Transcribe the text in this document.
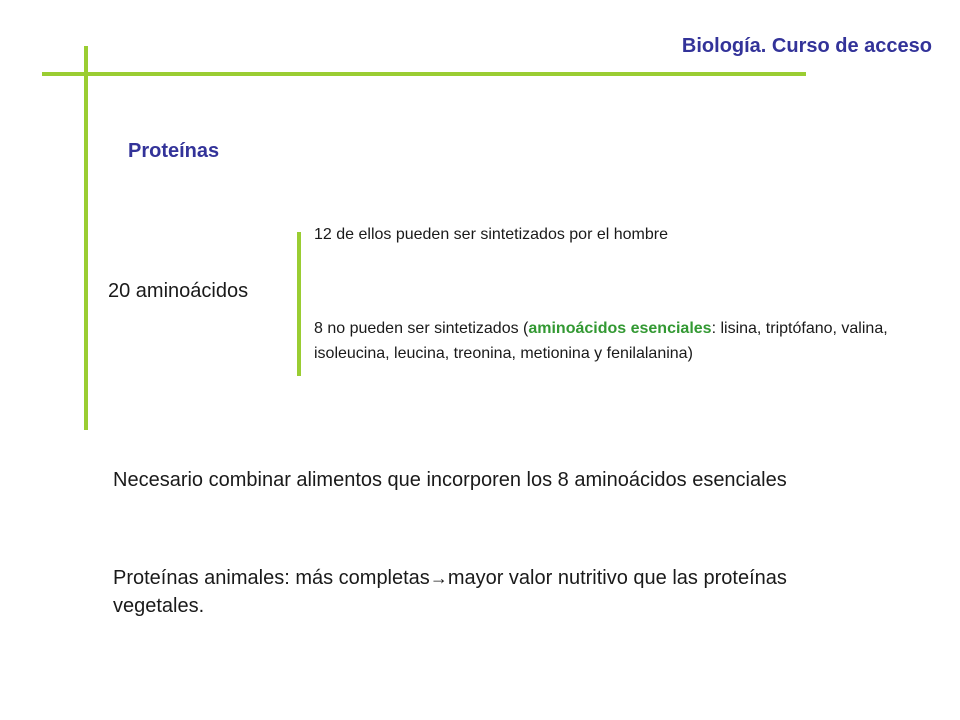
Biología. Curso de acceso
Proteínas
20 aminoácidos
12 de ellos pueden ser sintetizados por el hombre
8 no pueden ser sintetizados (aminoácidos esenciales: lisina, triptófano, valina, isoleucina, leucina, treonina, metionina y fenilalanina)
Necesario combinar alimentos que incorporen los 8 aminoácidos esenciales
Proteínas animales: más completas→mayor valor nutritivo que las proteínas vegetales.
